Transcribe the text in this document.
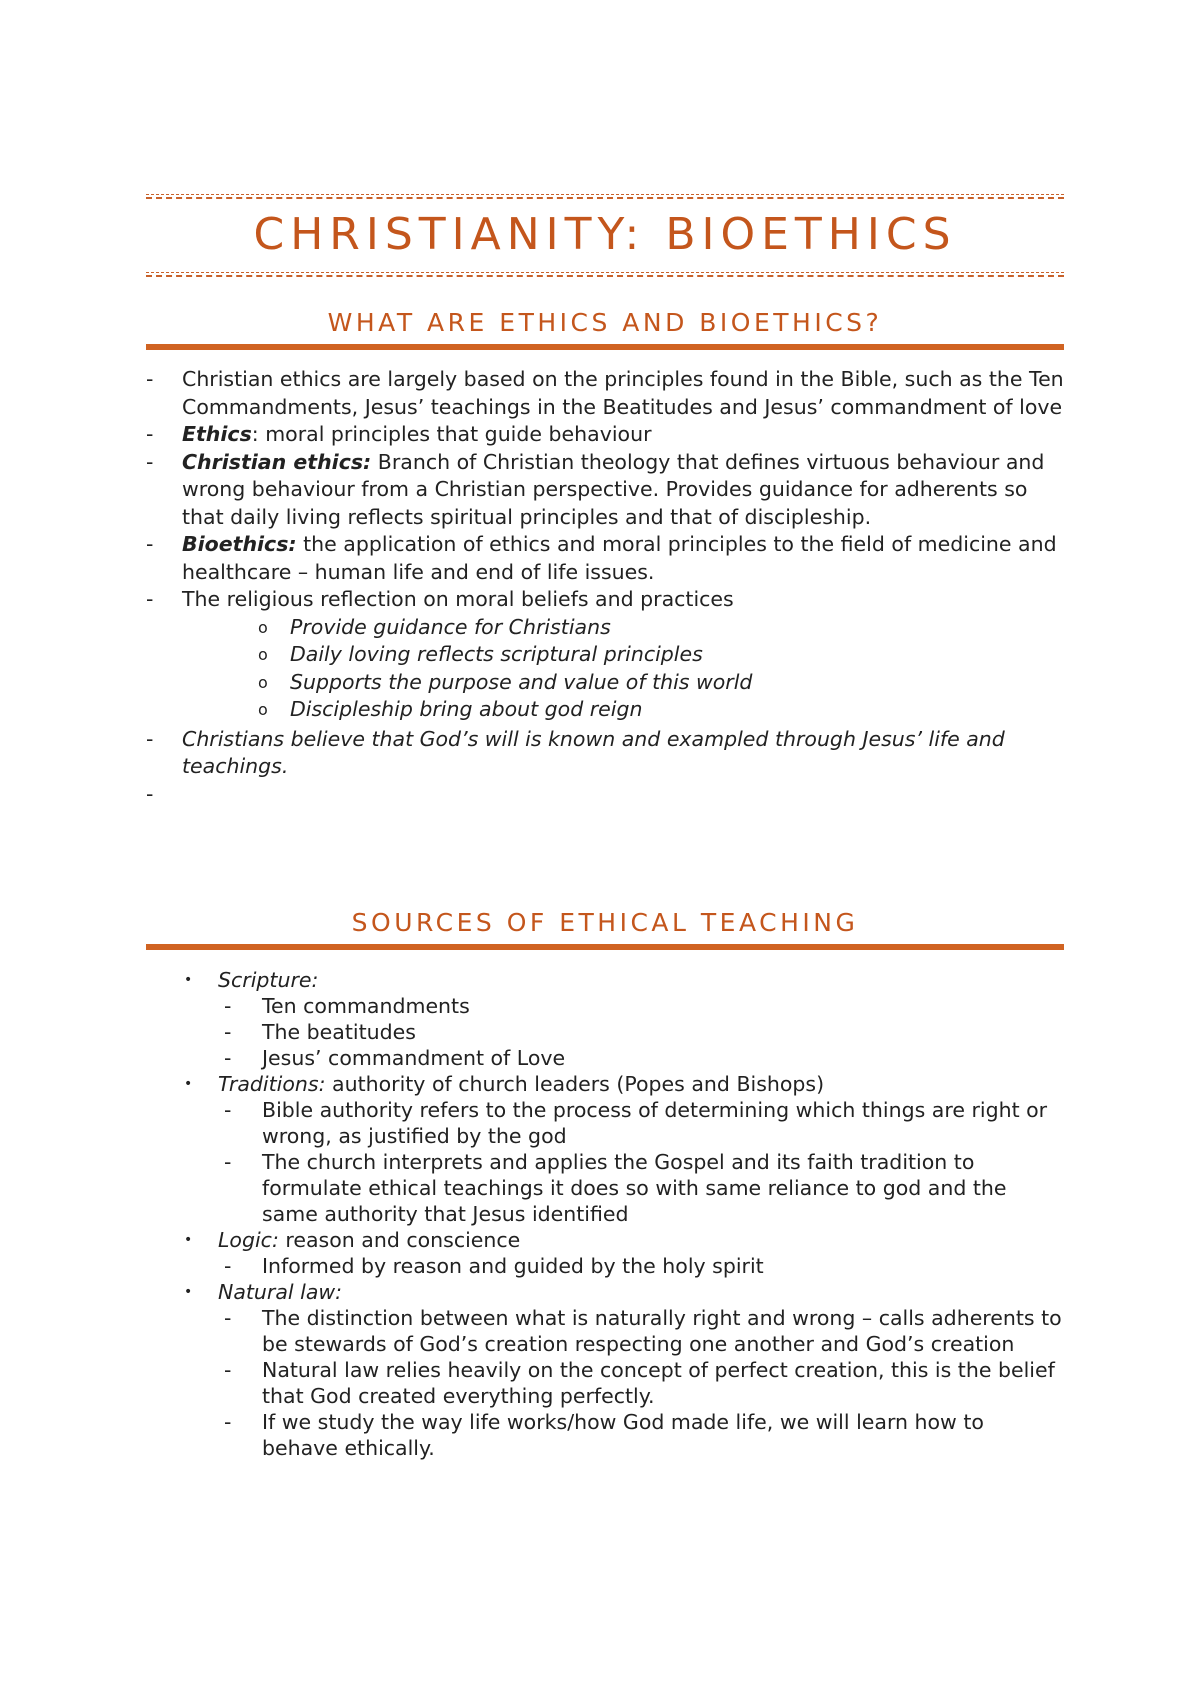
CHRISTIANITY: BIOETHICS
WHAT ARE ETHICS AND BIOETHICS?
-	Christian ethics are largely based on the principles found in the Bible, such as the Ten Commandments, Jesus’ teachings in the Beatitudes and Jesus’ commandment of love
-	Ethics: moral principles that guide behaviour
-	Christian ethics: Branch of Christian theology that defines virtuous behaviour and wrong behaviour from a Christian perspective. Provides guidance for adherents so that daily living reflects spiritual principles and that of discipleship.
-	Bioethics: the application of ethics and moral principles to the field of medicine and healthcare – human life and end of life issues.
-	The religious reflection on moral beliefs and practices
o Provide guidance for Christians
o Daily loving reflects scriptural principles
o Supports the purpose and value of this world
o Discipleship bring about god reign
-	Christians believe that God’s will is known and exampled through Jesus’ life and teachings.
-

SOURCES OF ETHICAL TEACHING
• Scripture:
- Ten commandments
- The beatitudes
- Jesus’ commandment of Love
• Traditions: authority of church leaders (Popes and Bishops)
- Bible authority refers to the process of determining which things are right or wrong, as justified by the god
- The church interprets and applies the Gospel and its faith tradition to formulate ethical teachings it does so with same reliance to god and the same authority that Jesus identified
• Logic: reason and conscience
- Informed by reason and guided by the holy spirit
• Natural law:
- The distinction between what is naturally right and wrong – calls adherents to be stewards of God’s creation respecting one another and God’s creation
- Natural law relies heavily on the concept of perfect creation, this is the belief that God created everything perfectly.
- If we study the way life works/how God made life, we will learn how to behave ethically.
